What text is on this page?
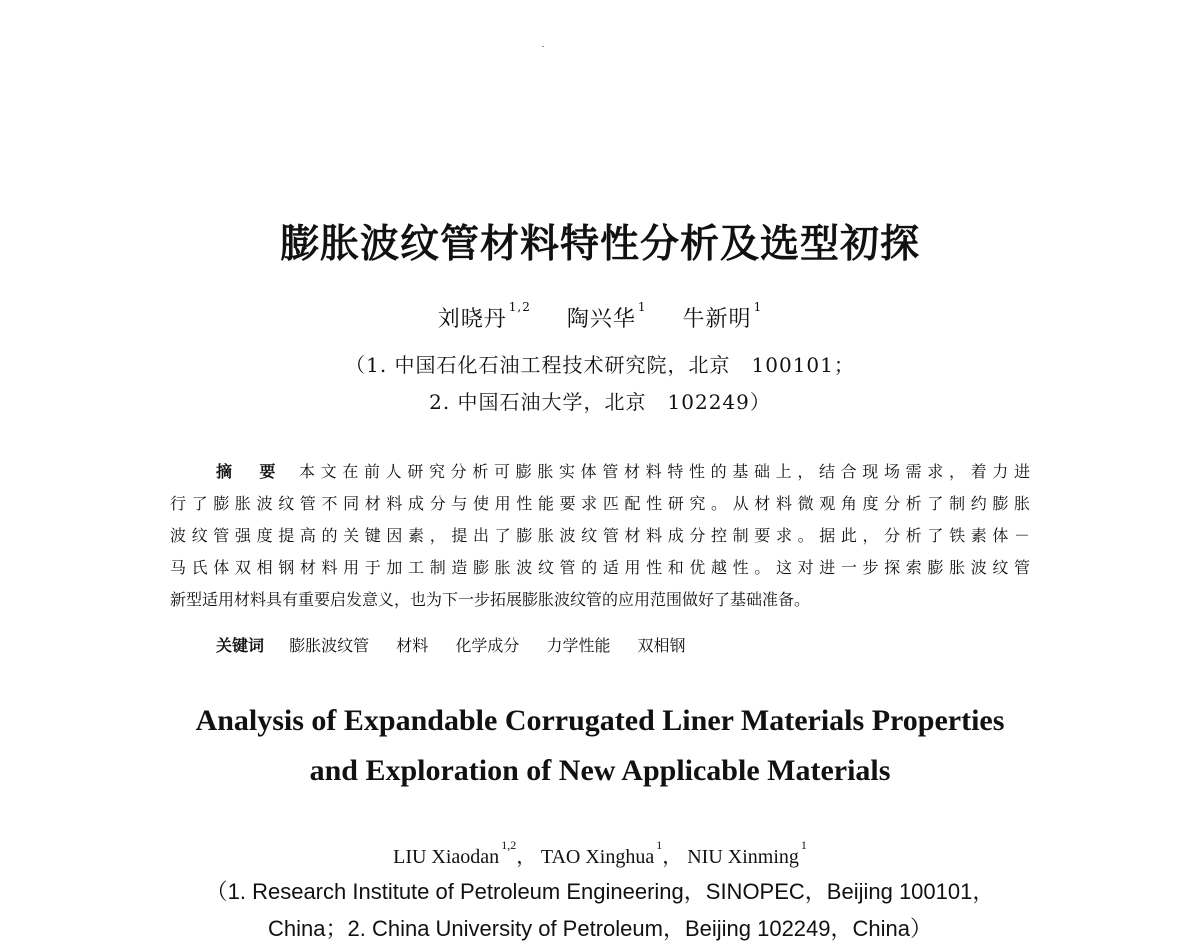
膨胀波纹管材料特性分析及选型初探
刘晓丹 $^{1,2}$ 陶兴华 $^1$ 牛新明 $^1$
（1. 中国石化石油工程技术研究院，北京　100101；
2. 中国石油大学，北京　102249）
摘　要 本文在前人研究分析可膨胀实体管材料特性的基础上，结合现场需求，着力进
行了膨胀波纹管不同材料成分与使用性能要求匹配性研究。从材料微观角度分析了制约膨胀
波纹管强度提高的关键因素，提出了膨胀波纹管材料成分控制要求。据此，分析了铁素体－
马氏体双相钢材料用于加工制造膨胀波纹管的适用性和优越性。这对进一步探索膨胀波纹管
新型适用材料具有重要启发意义，也为下一步拓展膨胀波纹管的应用范围做好了基础准备。
关键词 膨胀波纹管 材料 化学成分 力学性能 双相钢
Analysis of Expandable Corrugated Liner Materials Properties
and Exploration of New Applicable Materials
LIU Xiaodan$^{1,2}$， TAO Xinghua$^1$， NIU Xinming$^1$
（1. Research Institute of Petroleum Engineering，SINOPEC，Beijing 100101，
China；2. China University of Petroleum，Beijing 102249，China）
